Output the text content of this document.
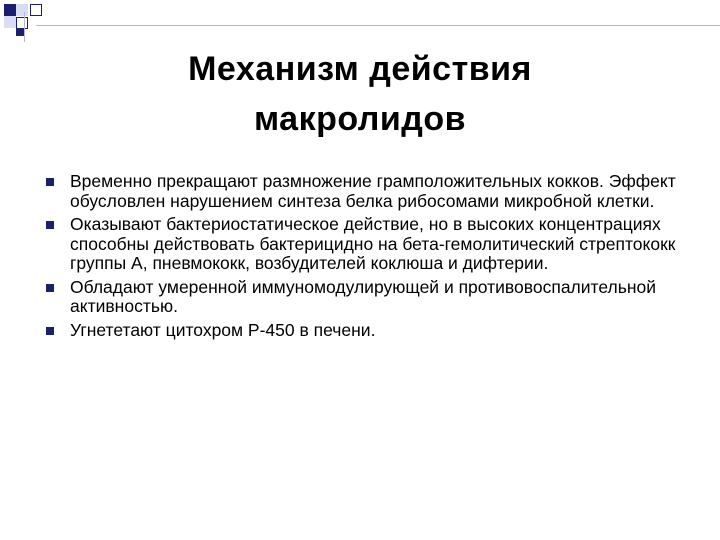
Механизм действия
макролидов
Временно прекращают размножение грамположительных кокков. Эффект обусловлен нарушением синтеза белка рибосомами микробной клетки.
Оказывают бактериостатическое действие, но в высоких концентрациях способны действовать бактерицидно на бета-гемолитический стрептококк группы А, пневмококк, возбудителей коклюша и дифтерии.
Обладают умеренной иммуномодулирующей и противовоспалительной активностью.
Угнететают цитохром Р-450 в печени.
